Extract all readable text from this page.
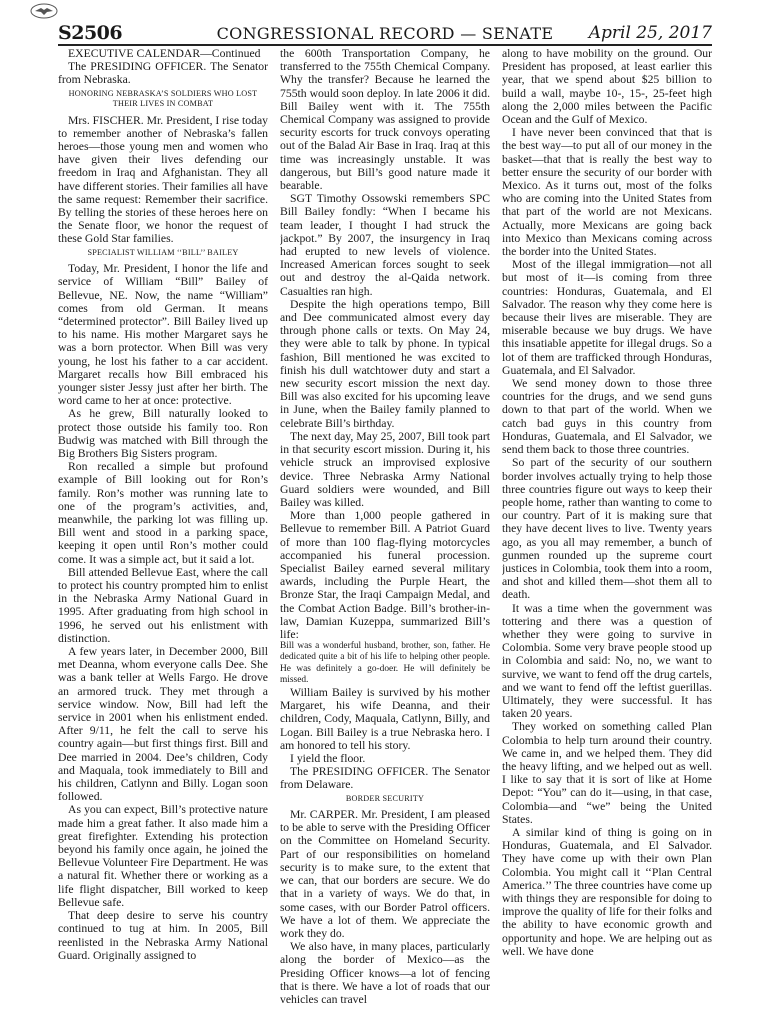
S2506	CONGRESSIONAL RECORD — SENATE	April 25, 2017

EXECUTIVE CALENDAR—Continued

The PRESIDING OFFICER. The Senator from Nebraska.

HONORING NEBRASKA’S SOLDIERS WHO LOST THEIR LIVES IN COMBAT

Mrs. FISCHER. Mr. President, I rise today to remember another of Nebraska’s fallen heroes—those young men and women who have given their lives defending our freedom in Iraq and Afghanistan. They all have different stories. Their families all have the same request: Remember their sacrifice. By telling the stories of these heroes here on the Senate floor, we honor the request of these Gold Star families.

SPECIALIST WILLIAM ‘‘BILL’’ BAILEY

Today, Mr. President, I honor the life and service of William “Bill” Bailey of Bellevue, NE. Now, the name “William” comes from old German. It means “determined protector”. Bill Bailey lived up to his name. His mother Margaret says he was a born protector. When Bill was very young, he lost his father to a car accident. Margaret recalls how Bill embraced his younger sister Jessy just after her birth. The word came to her at once: protective.

As he grew, Bill naturally looked to protect those outside his family too. Ron Budwig was matched with Bill through the Big Brothers Big Sisters program.

Ron recalled a simple but profound example of Bill looking out for Ron’s family. Ron’s mother was running late to one of the program’s activities, and, meanwhile, the parking lot was filling up. Bill went and stood in a parking space, keeping it open until Ron’s mother could come. It was a simple act, but it said a lot.

Bill attended Bellevue East, where the call to protect his country prompted him to enlist in the Nebraska Army National Guard in 1995. After graduating from high school in 1996, he served out his enlistment with distinction.

A few years later, in December 2000, Bill met Deanna, whom everyone calls Dee. She was a bank teller at Wells Fargo. He drove an armored truck. They met through a service window. Now, Bill had left the service in 2001 when his enlistment ended. After 9/11, he felt the call to serve his country again—but first things first. Bill and Dee married in 2004. Dee’s children, Cody and Maquala, took immediately to Bill and his children, Catlynn and Billy. Logan soon followed.

As you can expect, Bill’s protective nature made him a great father. It also made him a great firefighter. Extending his protection beyond his family once again, he joined the Bellevue Volunteer Fire Department. He was a natural fit. Whether there or working as a life flight dispatcher, Bill worked to keep Bellevue safe.

That deep desire to serve his country continued to tug at him. In 2005, Bill reenlisted in the Nebraska Army National Guard. Originally assigned to

the 600th Transportation Company, he transferred to the 755th Chemical Company. Why the transfer? Because he learned the 755th would soon deploy. In late 2006 it did. Bill Bailey went with it. The 755th Chemical Company was assigned to provide security escorts for truck convoys operating out of the Balad Air Base in Iraq. Iraq at this time was increasingly unstable. It was dangerous, but Bill’s good nature made it bearable.

SGT Timothy Ossowski remembers SPC Bill Bailey fondly: “When I became his team leader, I thought I had struck the jackpot.” By 2007, the insurgency in Iraq had erupted to new levels of violence. Increased American forces sought to seek out and destroy the al-Qaida network. Casualties ran high.

Despite the high operations tempo, Bill and Dee communicated almost every day through phone calls or texts. On May 24, they were able to talk by phone. In typical fashion, Bill mentioned he was excited to finish his dull watchtower duty and start a new security escort mission the next day. Bill was also excited for his upcoming leave in June, when the Bailey family planned to celebrate Bill’s birthday.

The next day, May 25, 2007, Bill took part in that security escort mission. During it, his vehicle struck an improvised explosive device. Three Nebraska Army National Guard soldiers were wounded, and Bill Bailey was killed.

More than 1,000 people gathered in Bellevue to remember Bill. A Patriot Guard of more than 100 flag-flying motorcycles accompanied his funeral procession. Specialist Bailey earned several military awards, including the Purple Heart, the Bronze Star, the Iraqi Campaign Medal, and the Combat Action Badge. Bill’s brother-in-law, Damian Kuzeppa, summarized Bill’s life:

Bill was a wonderful husband, brother, son, father. He dedicated quite a bit of his life to helping other people. He was definitely a go-doer. He will definitely be missed.

William Bailey is survived by his mother Margaret, his wife Deanna, and their children, Cody, Maquala, Catlynn, Billy, and Logan. Bill Bailey is a true Nebraska hero. I am honored to tell his story.

I yield the floor.

The PRESIDING OFFICER. The Senator from Delaware.

BORDER SECURITY

Mr. CARPER. Mr. President, I am pleased to be able to serve with the Presiding Officer on the Committee on Homeland Security. Part of our responsibilities on homeland security is to make sure, to the extent that we can, that our borders are secure. We do that in a variety of ways. We do that, in some cases, with our Border Patrol officers. We have a lot of them. We appreciate the work they do.

We also have, in many places, particularly along the border of Mexico—as the Presiding Officer knows—a lot of fencing that is there. We have a lot of roads that our vehicles can travel

along to have mobility on the ground. Our President has proposed, at least earlier this year, that we spend about $25 billion to build a wall, maybe 10-, 15-, 25-feet high along the 2,000 miles between the Pacific Ocean and the Gulf of Mexico.

I have never been convinced that that is the best way—to put all of our money in the basket—that that is really the best way to better ensure the security of our border with Mexico. As it turns out, most of the folks who are coming into the United States from that part of the world are not Mexicans. Actually, more Mexicans are going back into Mexico than Mexicans coming across the border into the United States.

Most of the illegal immigration—not all but most of it—is coming from three countries: Honduras, Guatemala, and El Salvador. The reason why they come here is because their lives are miserable. They are miserable because we buy drugs. We have this insatiable appetite for illegal drugs. So a lot of them are trafficked through Honduras, Guatemala, and El Salvador.

We send money down to those three countries for the drugs, and we send guns down to that part of the world. When we catch bad guys in this country from Honduras, Guatemala, and El Salvador, we send them back to those three countries.

So part of the security of our southern border involves actually trying to help those three countries figure out ways to keep their people home, rather than wanting to come to our country. Part of it is making sure that they have decent lives to live. Twenty years ago, as you all may remember, a bunch of gunmen rounded up the supreme court justices in Colombia, took them into a room, and shot and killed them—shot them all to death.

It was a time when the government was tottering and there was a question of whether they were going to survive in Colombia. Some very brave people stood up in Colombia and said: No, no, we want to survive, we want to fend off the drug cartels, and we want to fend off the leftist guerillas. Ultimately, they were successful. It has taken 20 years.

They worked on something called Plan Colombia to help turn around their country. We came in, and we helped them. They did the heavy lifting, and we helped out as well. I like to say that it is sort of like at Home Depot: “You” can do it—using, in that case, Colombia—and “we” being the United States.

A similar kind of thing is going on in Honduras, Guatemala, and El Salvador. They have come up with their own Plan Colombia. You might call it ‘‘Plan Central America.’’ The three countries have come up with things they are responsible for doing to improve the quality of life for their folks and the ability to have economic growth and opportunity and hope. We are helping out as well. We have done
